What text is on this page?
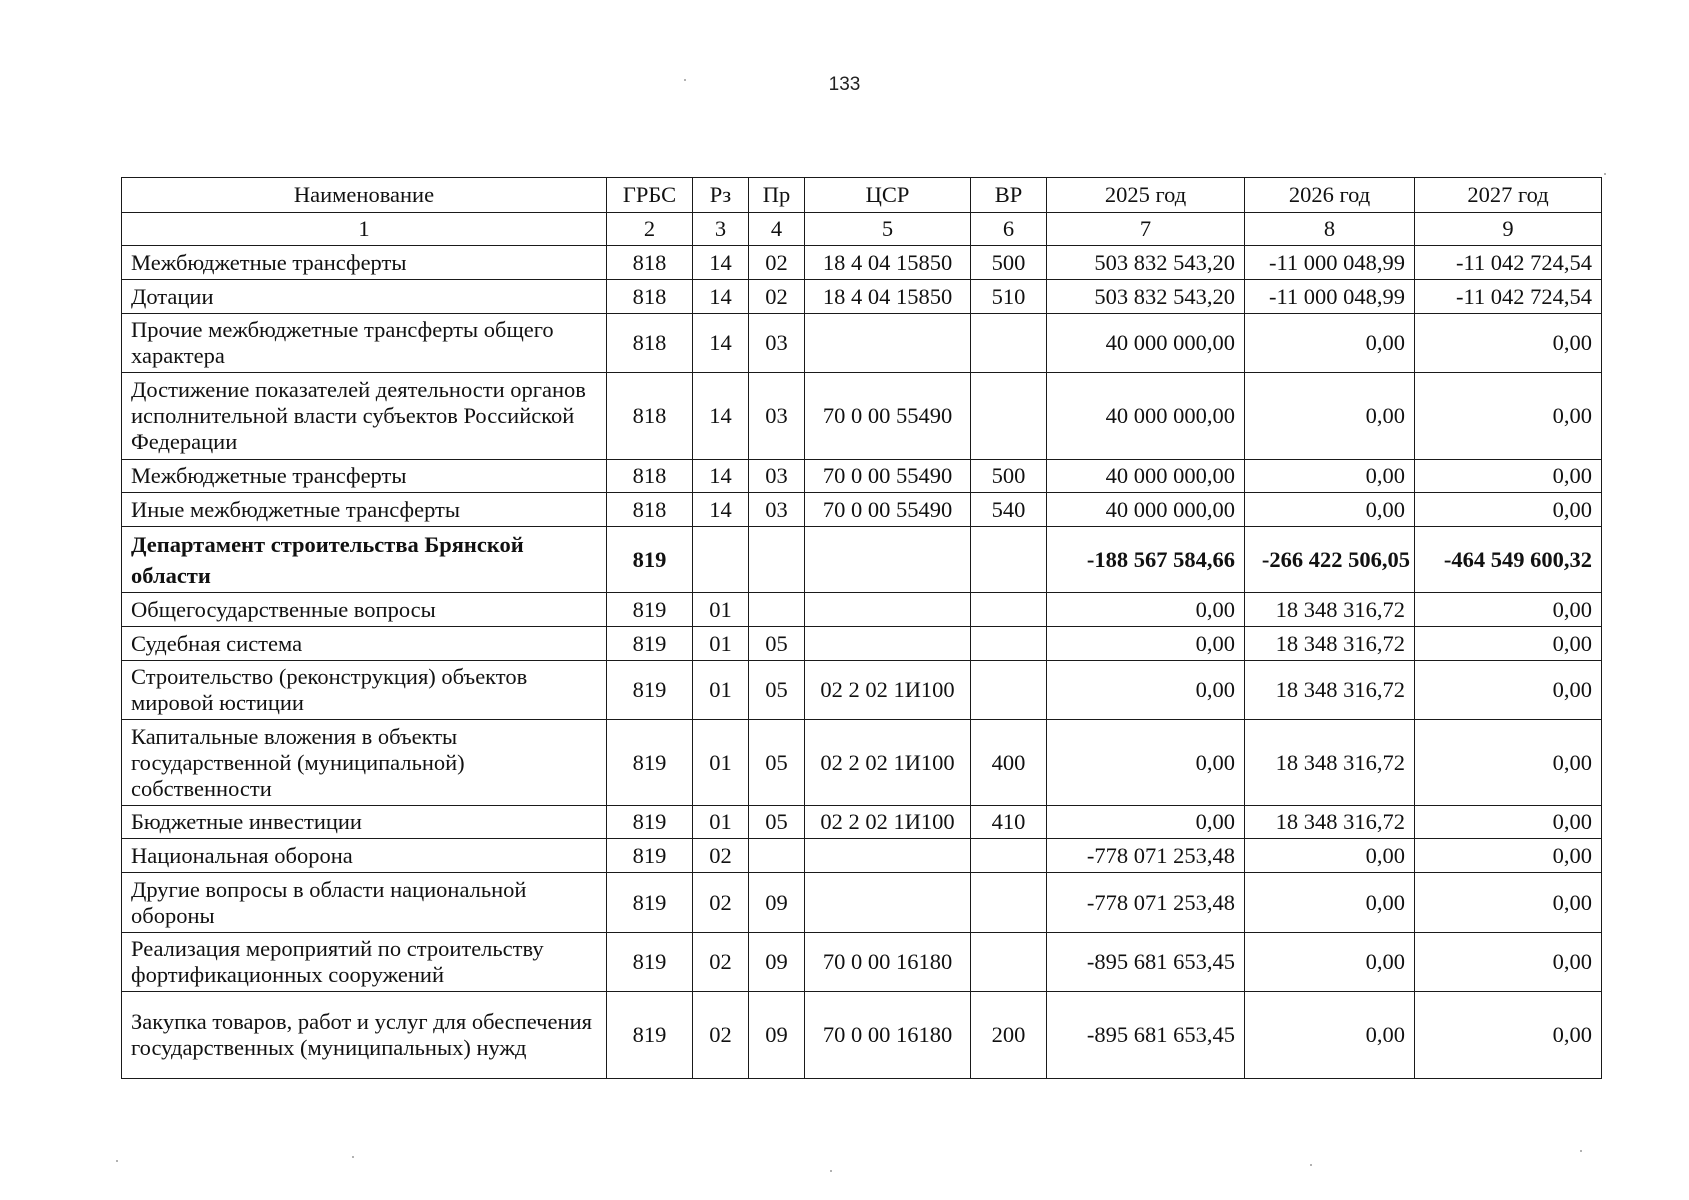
133
Наименование	ГРБС	Рз	Пр	ЦСР	ВР	2025 год	2026 год	2027 год
1	2	3	4	5	6	7	8	9
Межбюджетные трансферты	818	14	02	18 4 04 15850	500	503 832 543,20	-11 000 048,99	-11 042 724,54
Дотации	818	14	02	18 4 04 15850	510	503 832 543,20	-11 000 048,99	-11 042 724,54
Прочие межбюджетные трансферты общего характера	818	14	03			40 000 000,00	0,00	0,00
Достижение показателей деятельности органов исполнительной власти субъектов Российской Федерации	818	14	03	70 0 00 55490		40 000 000,00	0,00	0,00
Межбюджетные трансферты	818	14	03	70 0 00 55490	500	40 000 000,00	0,00	0,00
Иные межбюджетные трансферты	818	14	03	70 0 00 55490	540	40 000 000,00	0,00	0,00
Департамент строительства Брянской области	819					-188 567 584,66	-266 422 506,05	-464 549 600,32
Общегосударственные вопросы	819	01				0,00	18 348 316,72	0,00
Судебная система	819	01	05			0,00	18 348 316,72	0,00
Строительство (реконструкция) объектов мировой юстиции	819	01	05	02 2 02 1И100		0,00	18 348 316,72	0,00
Капитальные вложения в объекты государственной (муниципальной) собственности	819	01	05	02 2 02 1И100	400	0,00	18 348 316,72	0,00
Бюджетные инвестиции	819	01	05	02 2 02 1И100	410	0,00	18 348 316,72	0,00
Национальная оборона	819	02				-778 071 253,48	0,00	0,00
Другие вопросы в области национальной обороны	819	02	09			-778 071 253,48	0,00	0,00
Реализация мероприятий по строительству фортификационных сооружений	819	02	09	70 0 00 16180		-895 681 653,45	0,00	0,00
Закупка товаров, работ и услуг для обеспечения государственных (муниципальных) нужд	819	02	09	70 0 00 16180	200	-895 681 653,45	0,00	0,00
